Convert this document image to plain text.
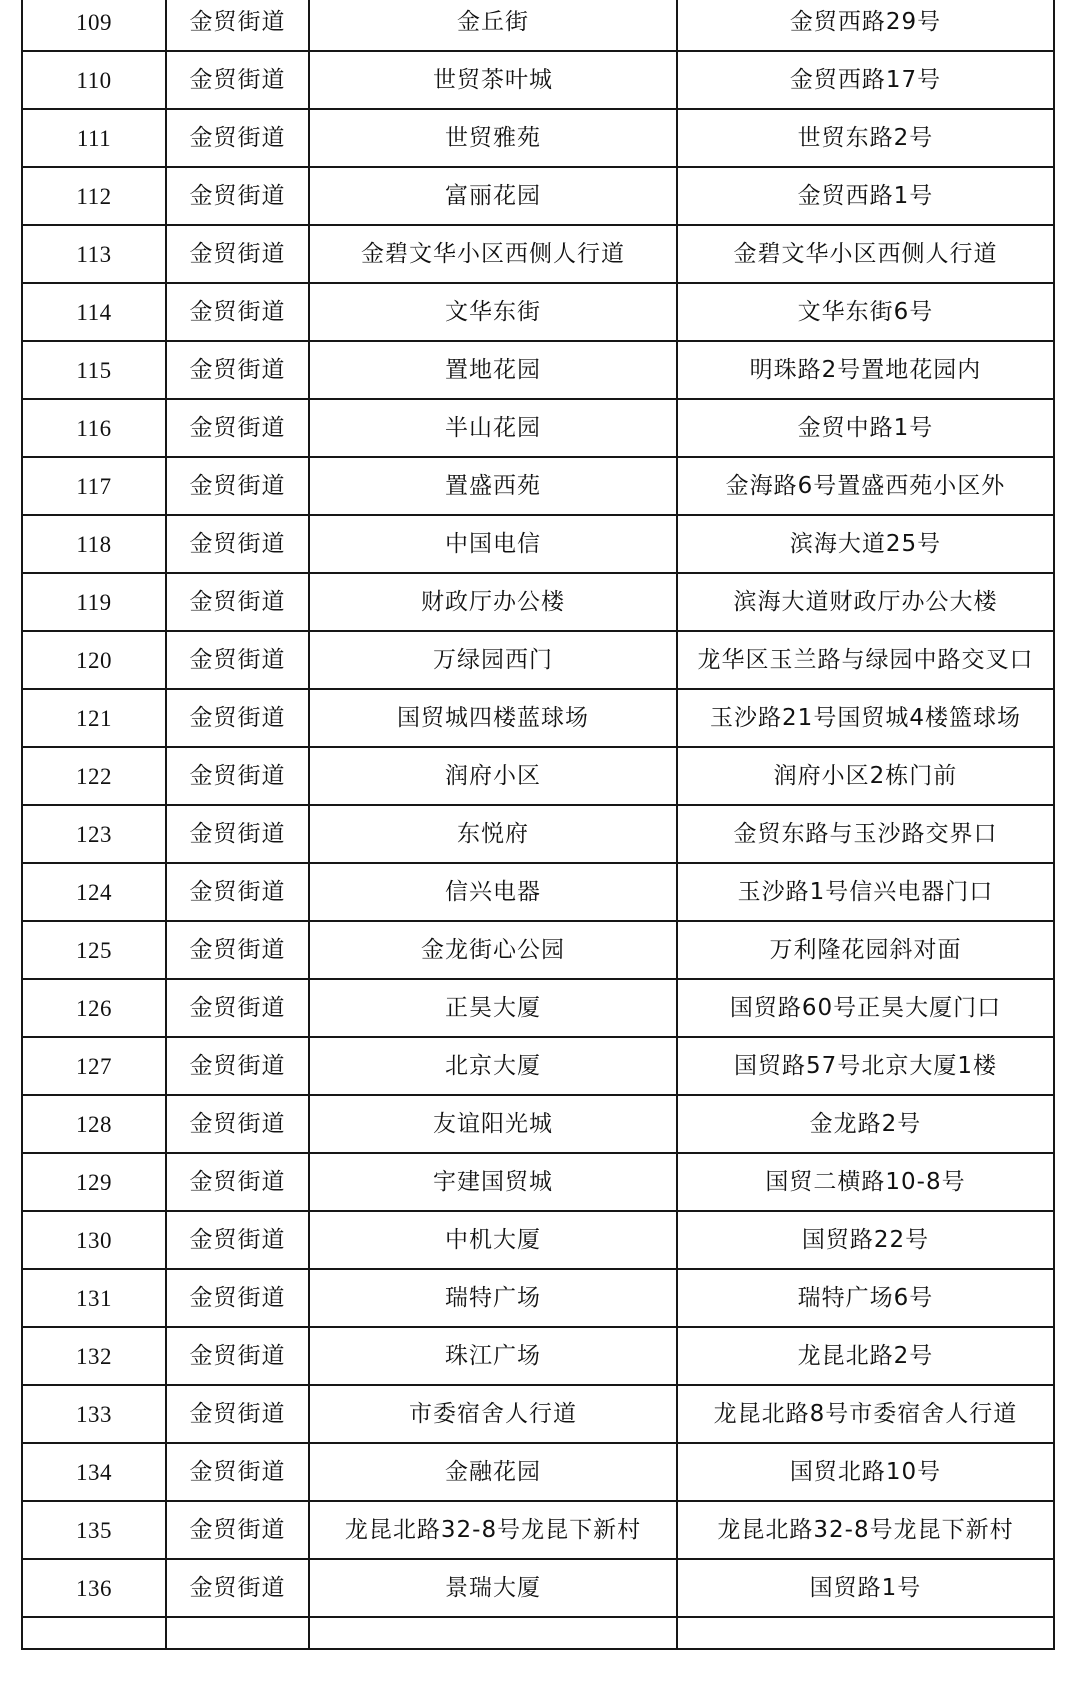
109	金贸街道	金丘街	金贸西路29号
110	金贸街道	世贸茶叶城	金贸西路17号
111	金贸街道	世贸雅苑	世贸东路2号
112	金贸街道	富丽花园	金贸西路1号
113	金贸街道	金碧文华小区西侧人行道	金碧文华小区西侧人行道
114	金贸街道	文华东街	文华东街6号
115	金贸街道	置地花园	明珠路2号置地花园内
116	金贸街道	半山花园	金贸中路1号
117	金贸街道	置盛西苑	金海路6号置盛西苑小区外
118	金贸街道	中国电信	滨海大道25号
119	金贸街道	财政厅办公楼	滨海大道财政厅办公大楼
120	金贸街道	万绿园西门	龙华区玉兰路与绿园中路交叉口
121	金贸街道	国贸城四楼蓝球场	玉沙路21号国贸城4楼篮球场
122	金贸街道	润府小区	润府小区2栋门前
123	金贸街道	东悦府	金贸东路与玉沙路交界口
124	金贸街道	信兴电器	玉沙路1号信兴电器门口
125	金贸街道	金龙街心公园	万利隆花园斜对面
126	金贸街道	正昊大厦	国贸路60号正昊大厦门口
127	金贸街道	北京大厦	国贸路57号北京大厦1楼
128	金贸街道	友谊阳光城	金龙路2号
129	金贸街道	宇建国贸城	国贸二横路10-8号
130	金贸街道	中机大厦	国贸路22号
131	金贸街道	瑞特广场	瑞特广场6号
132	金贸街道	珠江广场	龙昆北路2号
133	金贸街道	市委宿舍人行道	龙昆北路8号市委宿舍人行道
134	金贸街道	金融花园	国贸北路10号
135	金贸街道	龙昆北路32-8号龙昆下新村	龙昆北路32-8号龙昆下新村
136	金贸街道	景瑞大厦	国贸路1号
